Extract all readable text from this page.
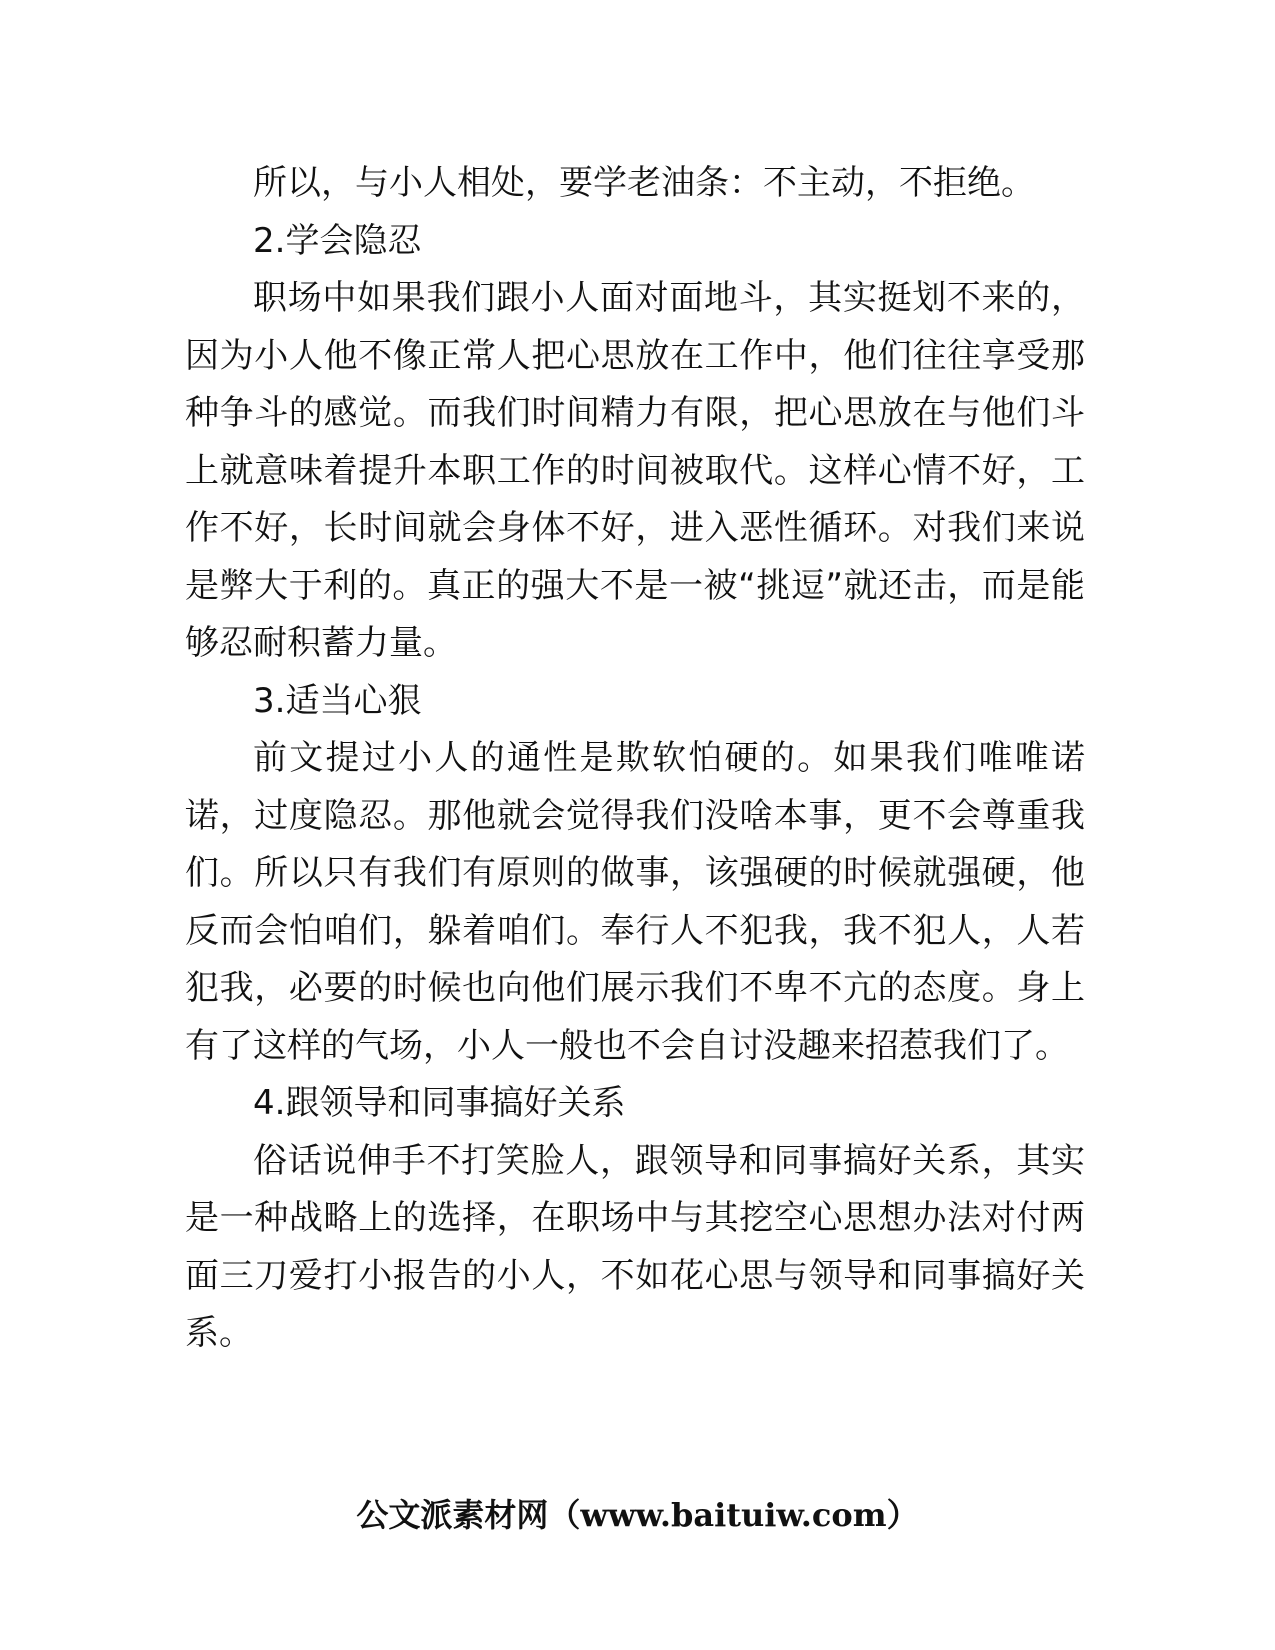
所以，与小人相处，要学老油条：不主动，不拒绝。

2.学会隐忍

职场中如果我们跟小人面对面地斗，其实挺划不来的，因为小人他不像正常人把心思放在工作中，他们往往享受那种争斗的感觉。而我们时间精力有限，把心思放在与他们斗上就意味着提升本职工作的时间被取代。这样心情不好，工作不好，长时间就会身体不好，进入恶性循环。对我们来说是弊大于利的。真正的强大不是一被“挑逗”就还击，而是能够忍耐积蓄力量。

3.适当心狠

前文提过小人的通性是欺软怕硬的。如果我们唯唯诺诺，过度隐忍。那他就会觉得我们没啥本事，更不会尊重我们。所以只有我们有原则的做事，该强硬的时候就强硬，他反而会怕咱们，躲着咱们。奉行人不犯我，我不犯人，人若犯我，必要的时候也向他们展示我们不卑不亢的态度。身上有了这样的气场，小人一般也不会自讨没趣来招惹我们了。

4.跟领导和同事搞好关系

俗话说伸手不打笑脸人，跟领导和同事搞好关系，其实是一种战略上的选择，在职场中与其挖空心思想办法对付两面三刀爱打小报告的小人，不如花心思与领导和同事搞好关系。

公文派素材网（www.baituiw.com）
